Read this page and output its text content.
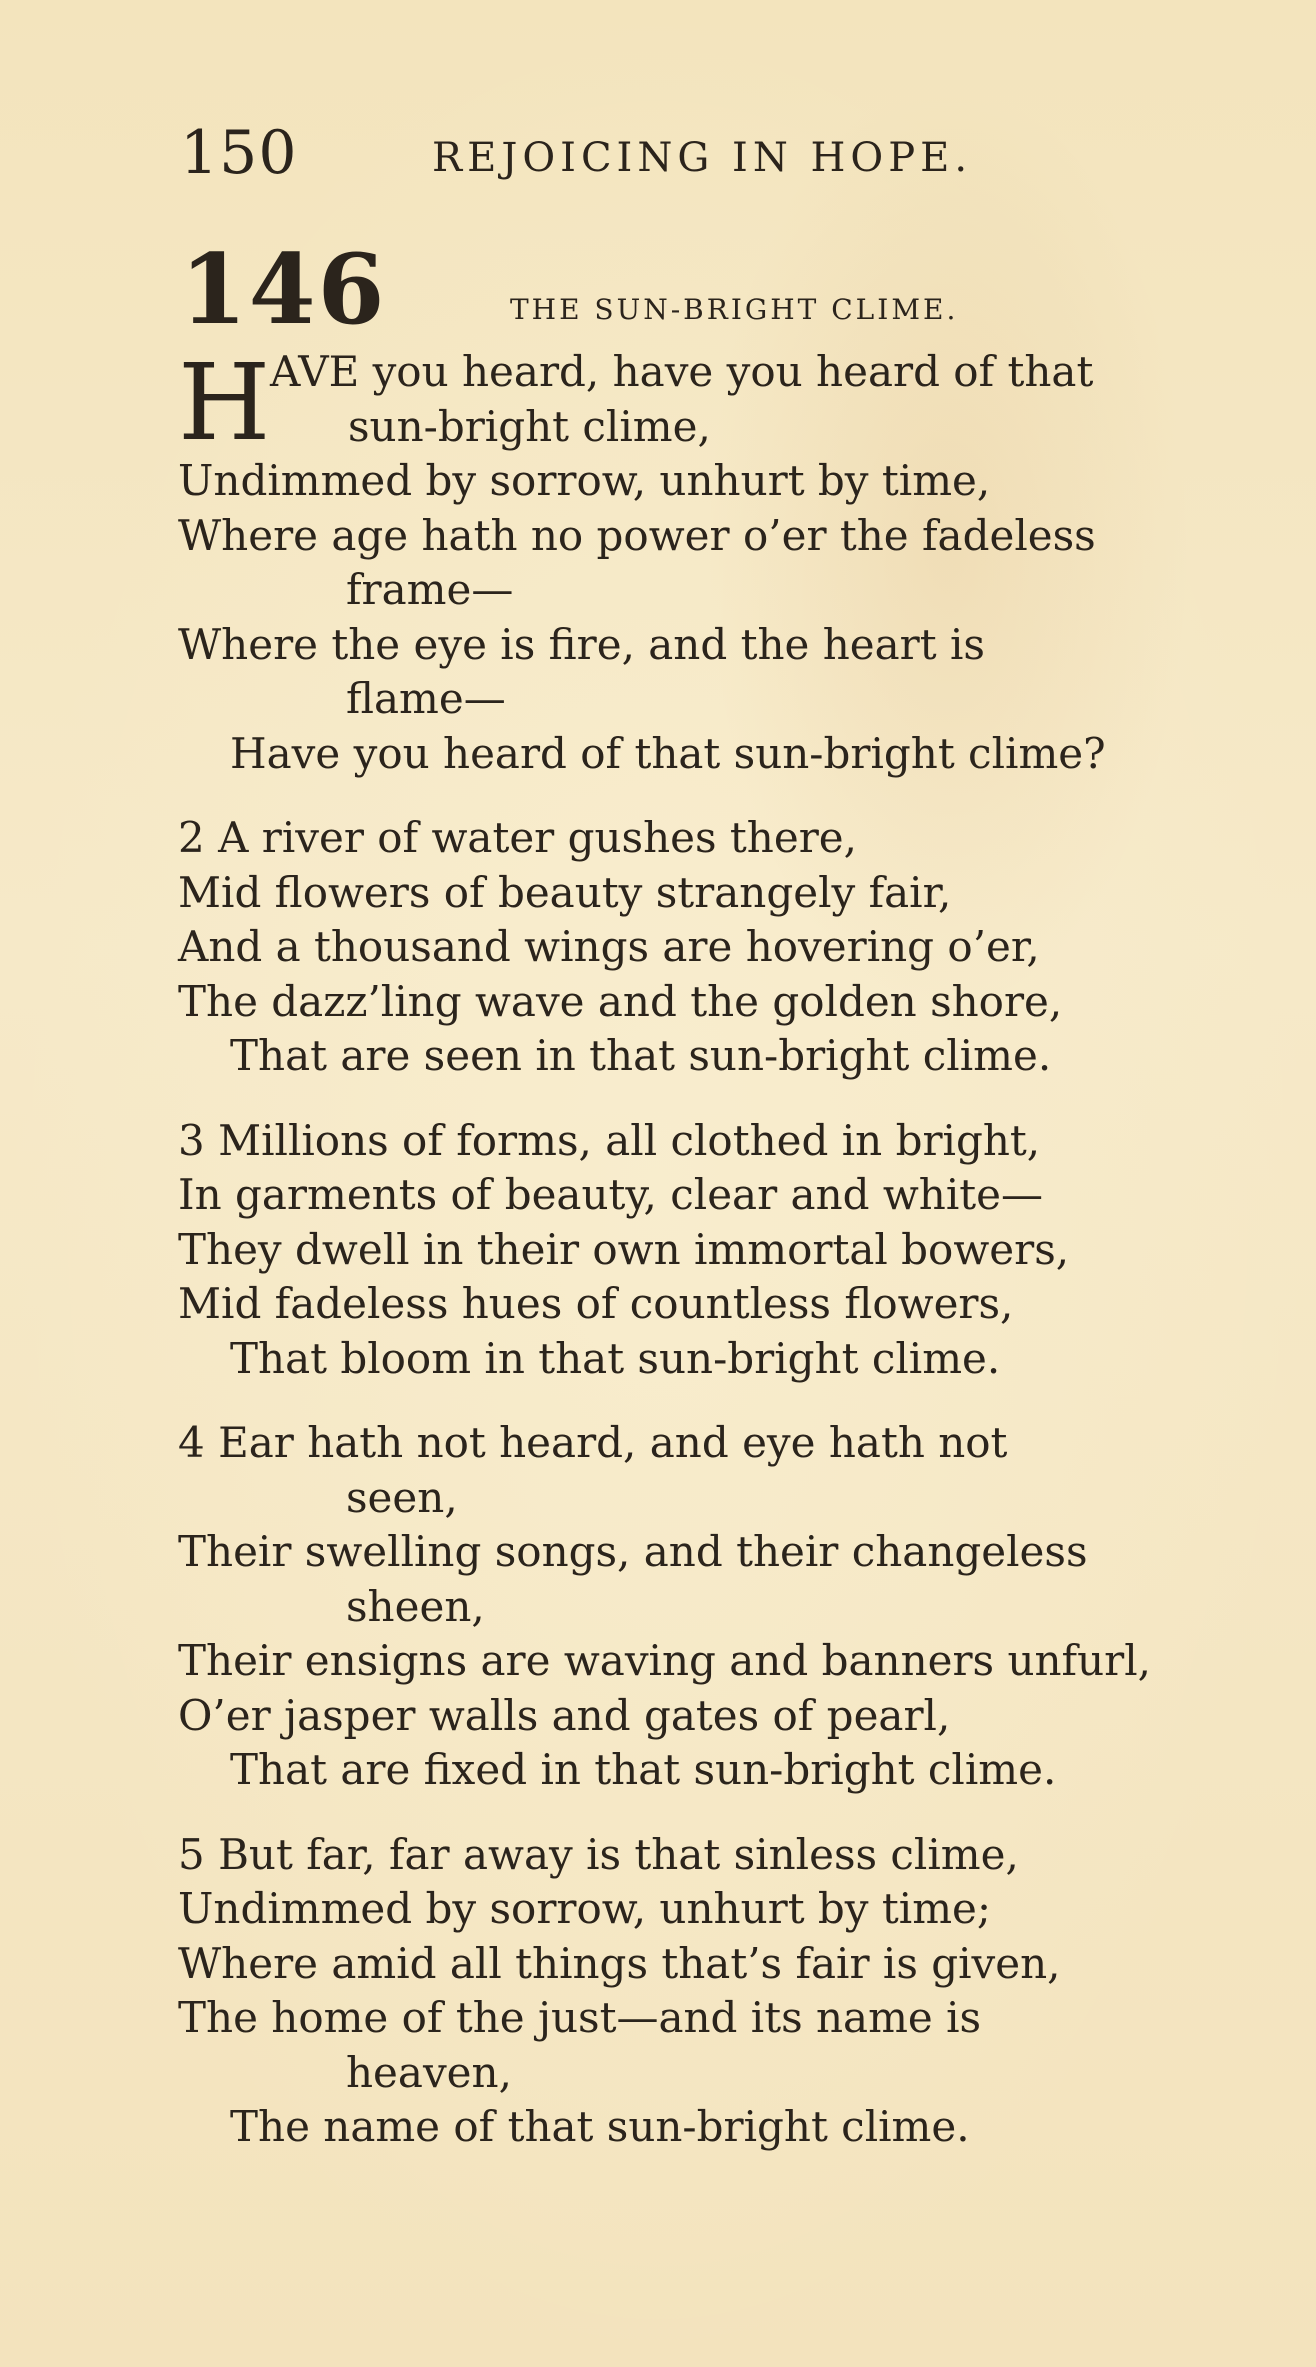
150	REJOICING IN HOPE.
146	THE SUN-BRIGHT CLIME.
H AVE you heard, have you heard of that
sun-bright clime,
Undimmed by sorrow, unhurt by time,
Where age hath no power o’er the fadeless
frame—
Where the eye is fire, and the heart is
flame—
Have you heard of that sun-bright clime?
2 A river of water gushes there,
Mid flowers of beauty strangely fair,
And a thousand wings are hovering o’er,
The dazz’ling wave and the golden shore,
That are seen in that sun-bright clime.
3 Millions of forms, all clothed in bright,
In garments of beauty, clear and white—
They dwell in their own immortal bowers,
Mid fadeless hues of countless flowers,
That bloom in that sun-bright clime.
4 Ear hath not heard, and eye hath not
seen,
Their swelling songs, and their changeless
sheen,
Their ensigns are waving and banners unfurl,
O’er jasper walls and gates of pearl,
That are fixed in that sun-bright clime.
5 But far, far away is that sinless clime,
Undimmed by sorrow, unhurt by time;
Where amid all things that’s fair is given,
The home of the just—and its name is
heaven,
The name of that sun-bright clime.
